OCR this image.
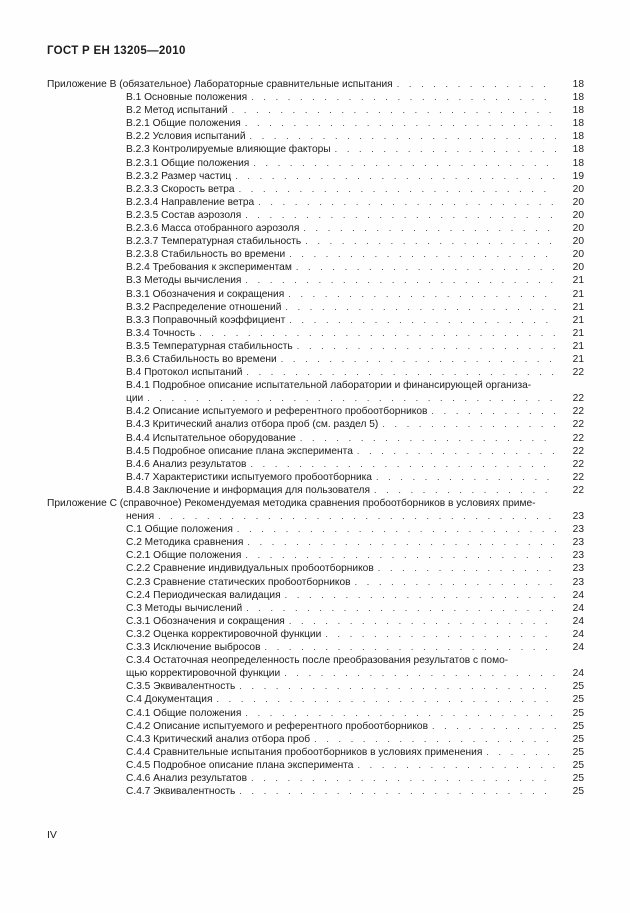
ГОСТ Р ЕН 13205—2010
Приложение B (обязательное) Лабораторные сравнительные испытания . . .	18
B.1 Основные положения . . .	18
B.2 Метод испытаний . . .	18
B.2.1 Общие положения . . .	18
B.2.2 Условия испытаний . . .	18
B.2.3 Контролируемые влияющие факторы . . .	18
B.2.3.1 Общие положения . . .	18
B.2.3.2 Размер частиц . . .	19
B.2.3.3 Скорость ветра . . .	20
B.2.3.4 Направление ветра . . .	20
B.2.3.5 Состав аэрозоля . . .	20
B.2.3.6 Масса отобранного аэрозоля . . .	20
B.2.3.7 Температурная стабильность . . .	20
B.2.3.8 Стабильность во времени . . .	20
B.2.4 Требования к экспериментам . . .	20
B.3 Методы вычисления . . .	21
B.3.1 Обозначения и сокращения . . .	21
B.3.2 Распределение отношений . . .	21
B.3.3 Поправочный коэффициент . . .	21
B.3.4 Точность . . .	21
B.3.5 Температурная стабильность . . .	21
B.3.6 Стабильность во времени . . .	21
B.4 Протокол испытаний . . .	22
B.4.1 Подробное описание испытательной лаборатории и финансирующей организа-
ции . . .	22
B.4.2 Описание испытуемого и референтного пробоотборников . . .	22
B.4.3 Критический анализ отбора проб (см. раздел 5) . . .	22
B.4.4 Испытательное оборудование . . .	22
B.4.5 Подробное описание плана эксперимента . . .	22
B.4.6 Анализ результатов . . .	22
B.4.7 Характеристики испытуемого пробоотборника . . .	22
B.4.8 Заключение и информация для пользователя . . .	22
Приложение C (справочное) Рекомендуемая методика сравнения пробоотборников в условиях приме-
нения . . .	23
C.1 Общие положения . . .	23
C.2 Методика сравнения . . .	23
C.2.1 Общие положения . . .	23
C.2.2 Сравнение индивидуальных пробоотборников . . .	23
C.2.3 Сравнение статических пробоотборников . . .	23
C.2.4 Периодическая валидация . . .	24
C.3 Методы вычислений . . .	24
C.3.1 Обозначения и сокращения . . .	24
C.3.2 Оценка корректировочной функции . . .	24
C.3.3 Исключение выбросов . . .	24
C.3.4 Остаточная неопределенность после преобразования результатов с помо-
щью корректировочной функции . . .	24
C.3.5 Эквивалентность . . .	25
C.4 Документация . . .	25
C.4.1 Общие положения . . .	25
C.4.2 Описание испытуемого и референтного пробоотборников . . .	25
C.4.3 Критический анализ отбора проб . . .	25
C.4.4 Сравнительные испытания пробоотборников в условиях применения . . .	25
C.4.5 Подробное описание плана эксперимента . . .	25
C.4.6 Анализ результатов . . .	25
C.4.7 Эквивалентность . . .	25
IV
